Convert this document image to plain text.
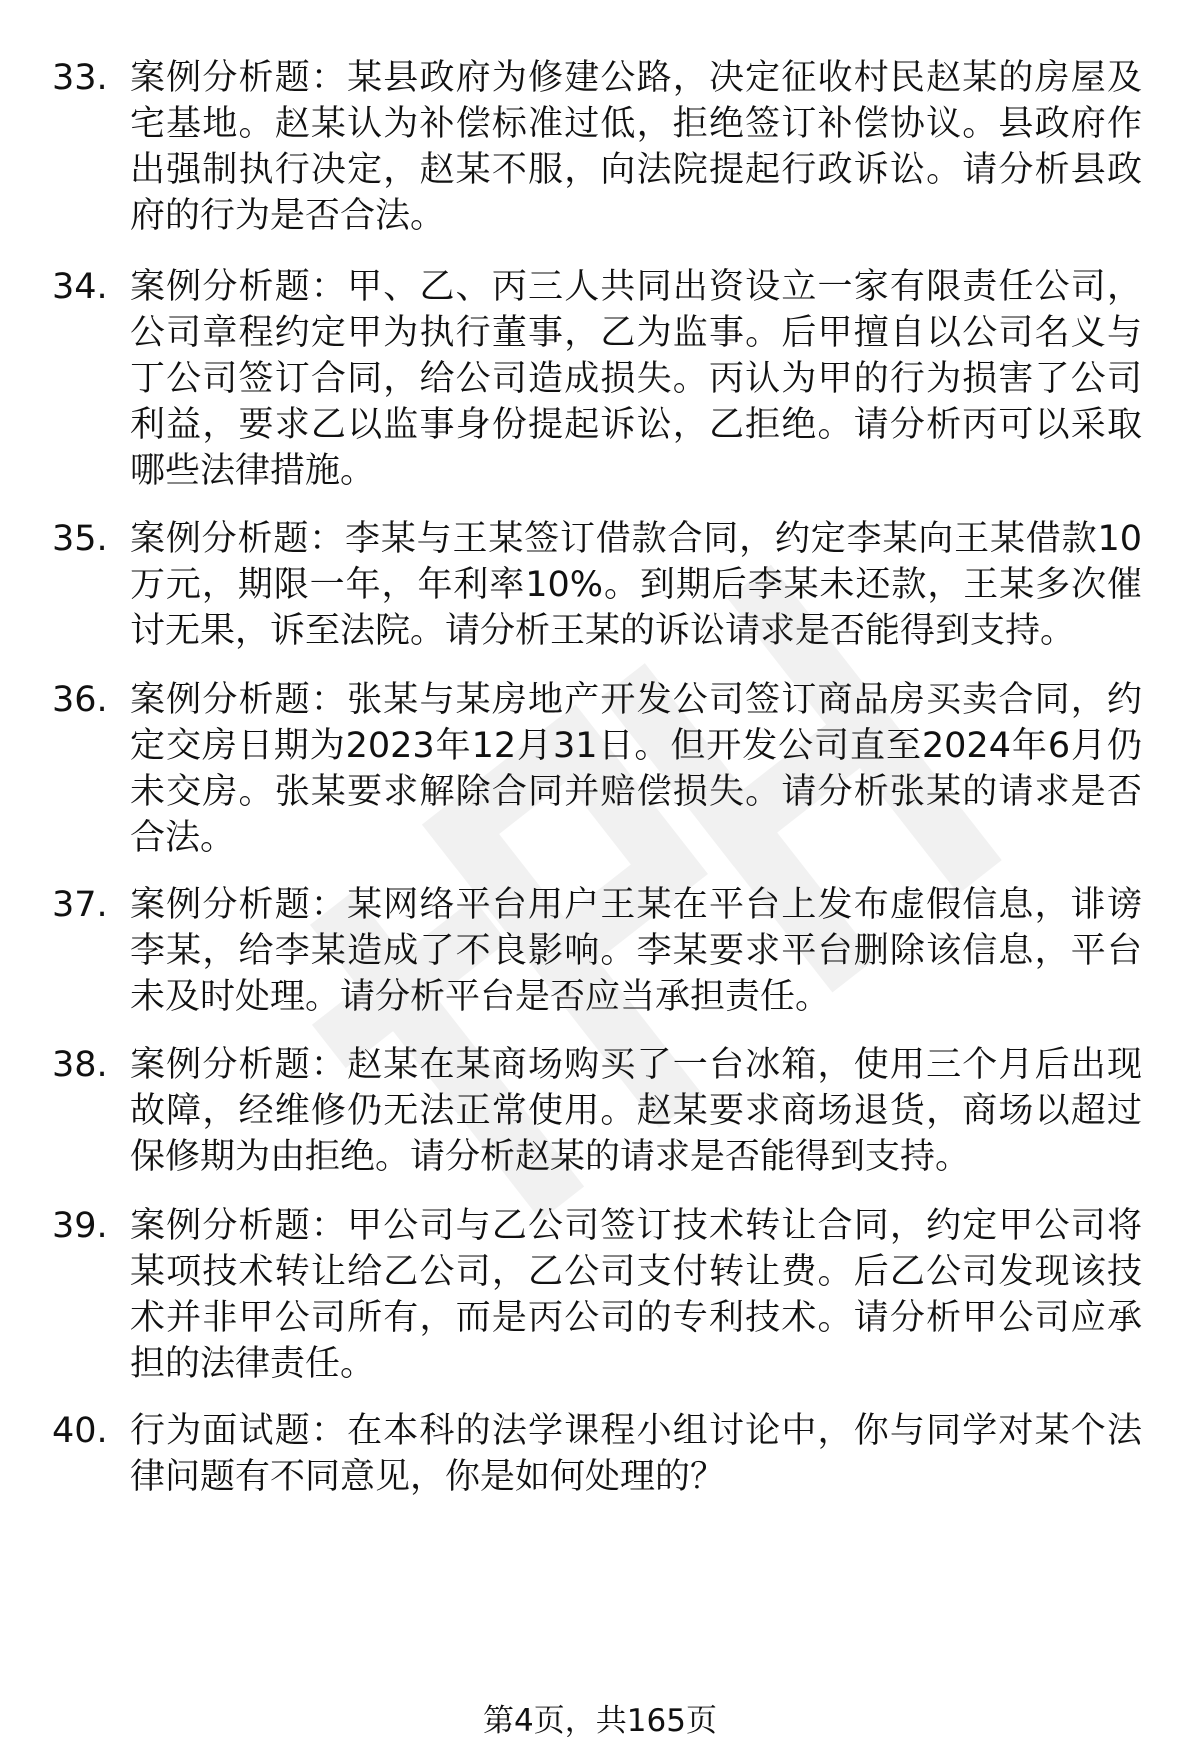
33. 案例分析题：某县政府为修建公路，决定征收村民赵某的房屋及宅基地。赵某认为补偿标准过低，拒绝签订补偿协议。县政府作出强制执行决定，赵某不服，向法院提起行政诉讼。请分析县政府的行为是否合法。
34. 案例分析题：甲、乙、丙三人共同出资设立一家有限责任公司，公司章程约定甲为执行董事，乙为监事。后甲擅自以公司名义与丁公司签订合同，给公司造成损失。丙认为甲的行为损害了公司利益，要求乙以监事身份提起诉讼，乙拒绝。请分析丙可以采取哪些法律措施。
35. 案例分析题：李某与王某签订借款合同，约定李某向王某借款10万元，期限一年，年利率10%。到期后李某未还款，王某多次催讨无果，诉至法院。请分析王某的诉讼请求是否能得到支持。
36. 案例分析题：张某与某房地产开发公司签订商品房买卖合同，约定交房日期为2023年12月31日。但开发公司直至2024年6月仍未交房。张某要求解除合同并赔偿损失。请分析张某的请求是否合法。
37. 案例分析题：某网络平台用户王某在平台上发布虚假信息，诽谤李某，给李某造成了不良影响。李某要求平台删除该信息，平台未及时处理。请分析平台是否应当承担责任。
38. 案例分析题：赵某在某商场购买了一台冰箱，使用三个月后出现故障，经维修仍无法正常使用。赵某要求商场退货，商场以超过保修期为由拒绝。请分析赵某的请求是否能得到支持。
39. 案例分析题：甲公司与乙公司签订技术转让合同，约定甲公司将某项技术转让给乙公司，乙公司支付转让费。后乙公司发现该技术并非甲公司所有，而是丙公司的专利技术。请分析甲公司应承担的法律责任。
40. 行为面试题：在本科的法学课程小组讨论中，你与同学对某个法律问题有不同意见，你是如何处理的？
第4页，共165页
